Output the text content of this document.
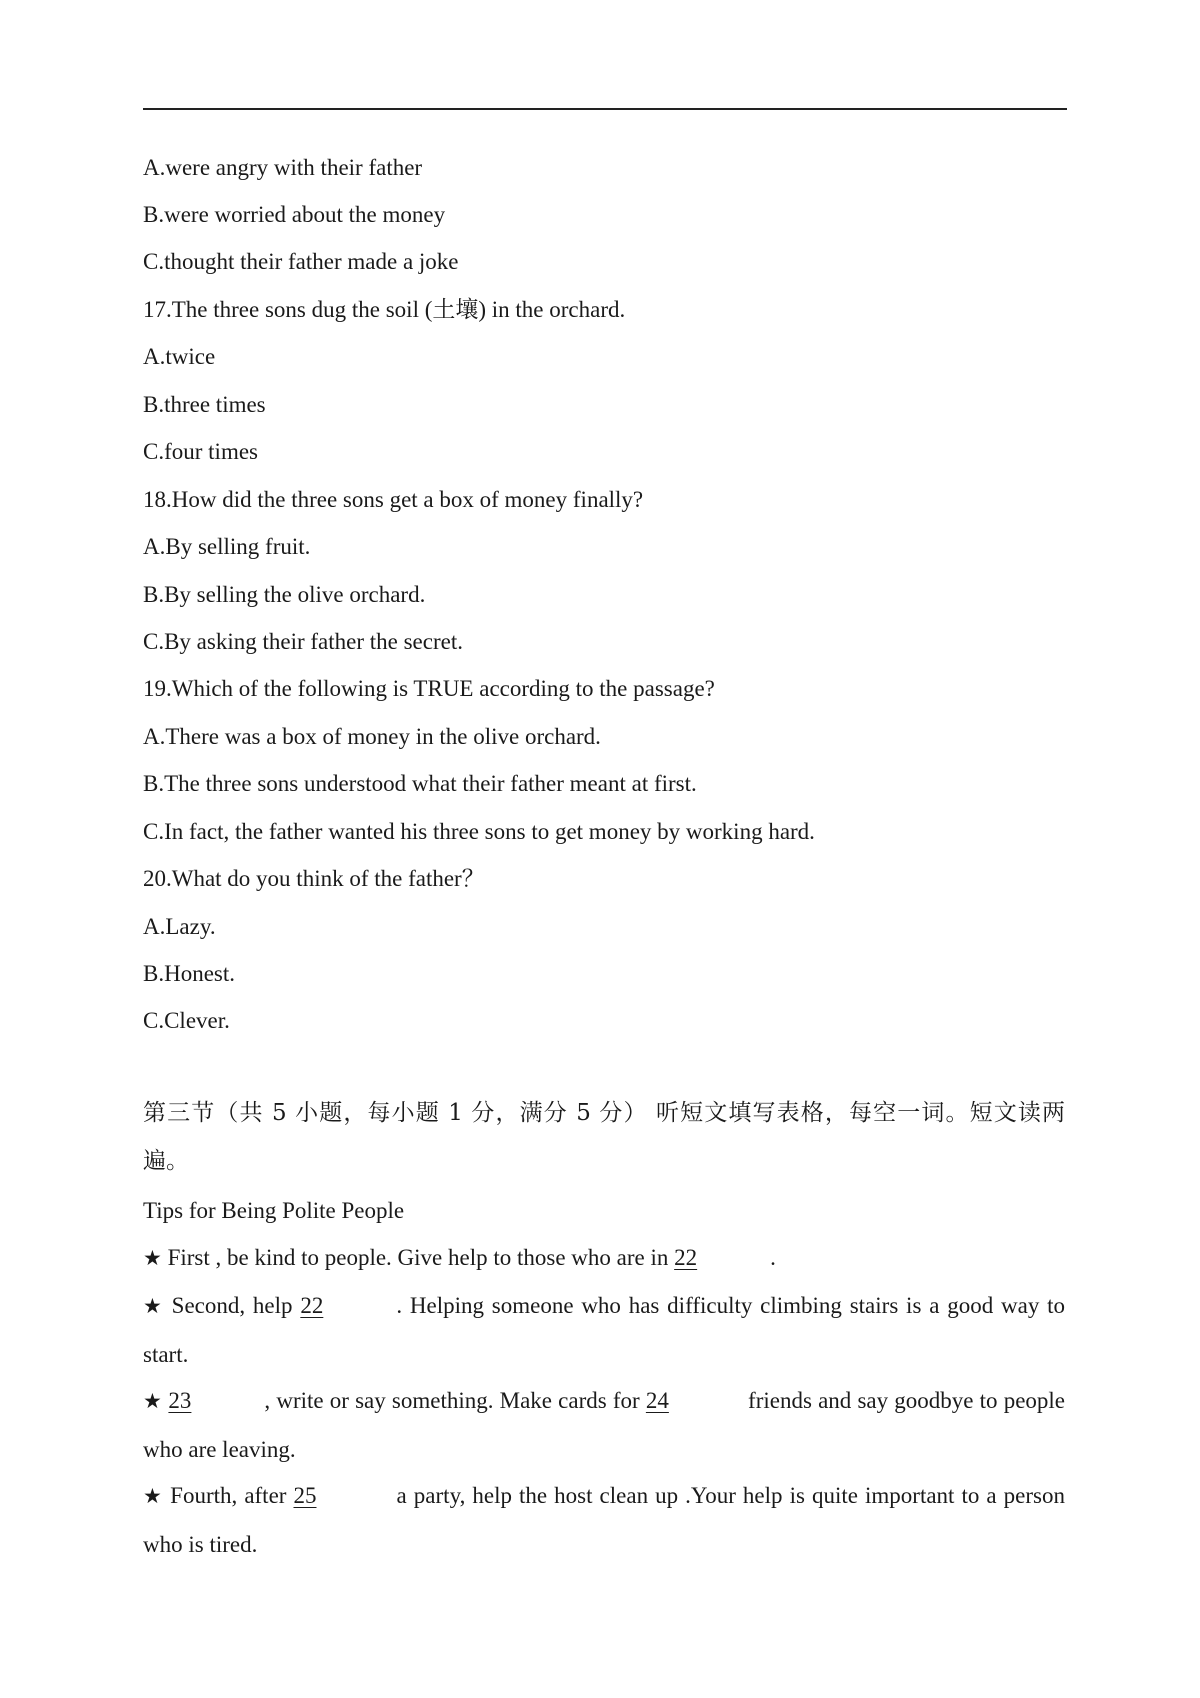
A.were angry with their father
B.were worried about the money
C.thought their father made a joke
17.The three sons dug the soil (土壤) in the orchard.
A.twice
B.three times
C.four times
18.How did the three sons get a box of money finally?
A.By selling fruit.
B.By selling the olive orchard.
C.By asking their father the secret.
19.Which of the following is TRUE according to the passage?
A.There was a box of money in the olive orchard.
B.The three sons understood what their father meant at first.
C.In fact, the father wanted his three sons to get money by working hard.
20.What do you think of the father？
A.Lazy.
B.Honest.
C.Clever.
第三节（共 5 小题，每小题 1 分，满分 5 分） 听短文填写表格，每空一词。短文读两遍。
Tips for Being Polite People
★ First , be kind to people. Give help to those who are in 22	.
★ Second, help 22	. Helping someone who has difficulty climbing stairs is a good way to start.
★ 23	, write or say something. Make cards for 24	friends and say goodbye to people who are leaving.
★ Fourth, after 25	a party, help the host clean up .Your help is quite important to a person who is tired.
